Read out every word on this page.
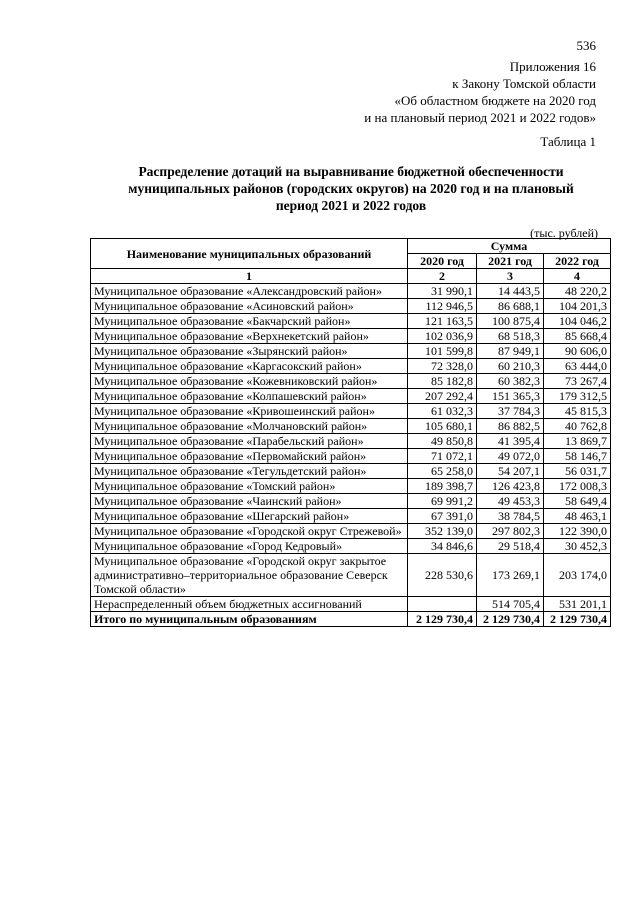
536
Приложения 16
к Закону Томской области
«Об областном бюджете на 2020 год
и на плановый период 2021 и 2022 годов»
Таблица 1
Распределение дотаций на выравнивание бюджетной обеспеченности
муниципальных районов (городских округов) на 2020 год и на плановый
период 2021 и 2022 годов
(тыс. рублей)
Наименование муниципальных образований	Сумма		
	2020 год	2021 год	2022 год
1	2	3	4
Муниципальное образование «Александровский район»	31 990,1	14 443,5	48 220,2
Муниципальное образование «Асиновский район»	112 946,5	86 688,1	104 201,3
Муниципальное образование «Бакчарский район»	121 163,5	100 875,4	104 046,2
Муниципальное образование «Верхнекетский район»	102 036,9	68 518,3	85 668,4
Муниципальное образование «Зырянский район»	101 599,8	87 949,1	90 606,0
Муниципальное образование «Каргасокский район»	72 328,0	60 210,3	63 444,0
Муниципальное образование «Кожевниковский район»	85 182,8	60 382,3	73 267,4
Муниципальное образование «Колпашевский район»	207 292,4	151 365,3	179 312,5
Муниципальное образование «Кривошеинский район»	61 032,3	37 784,3	45 815,3
Муниципальное образование «Молчановский район»	105 680,1	86 882,5	40 762,8
Муниципальное образование «Парабельский район»	49 850,8	41 395,4	13 869,7
Муниципальное образование «Первомайский район»	71 072,1	49 072,0	58 146,7
Муниципальное образование «Тегульдетский район»	65 258,0	54 207,1	56 031,7
Муниципальное образование «Томский район»	189 398,7	126 423,8	172 008,3
Муниципальное образование «Чаинский район»	69 991,2	49 453,3	58 649,4
Муниципальное образование «Шегарский район»	67 391,0	38 784,5	48 463,1
Муниципальное образование «Городской округ Стрежевой»	352 139,0	297 802,3	122 390,0
Муниципальное образование «Город Кедровый»	34 846,6	29 518,4	30 452,3
Муниципальное образование «Городской округ закрытое административно–территориальное образование Северск Томской области»	228 530,6	173 269,1	203 174,0
Нераспределенный объем бюджетных ассигнований		514 705,4	531 201,1
Итого по муниципальным образованиям	2 129 730,4	2 129 730,4	2 129 730,4
